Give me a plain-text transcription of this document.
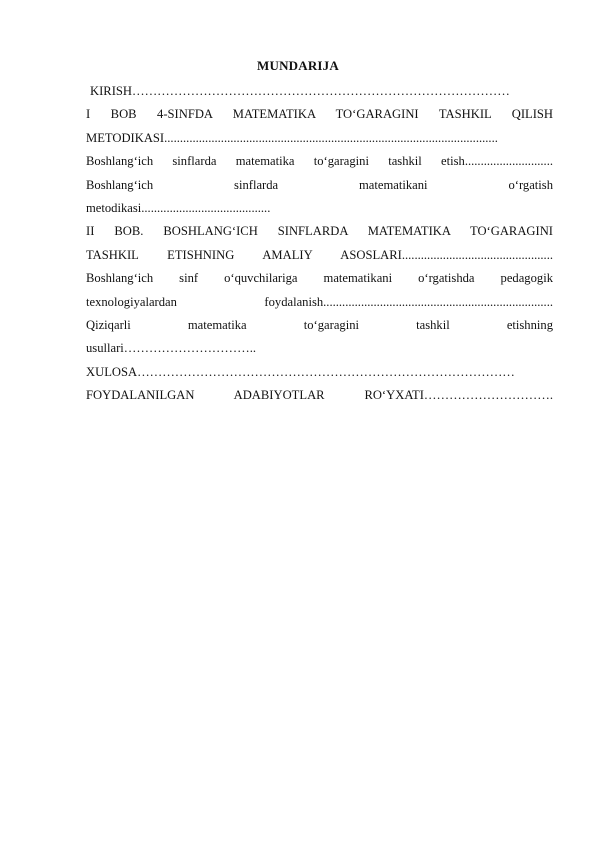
MUNDARIJA
KIRISH………………………………………………………………………………
I BOB 4-SINFDA MATEMATIKA TO‘GARAGINI TASHKIL QILISH
METODIKASI..........................................................................................................
Boshlang‘ich sinflarda matematika to‘garagini tashkil etish............................
Boshlang‘ich sinflarda matematikani o‘rgatish
metodikasi.........................................
II BOB. BOSHLANG‘ICH SINFLARDA MATEMATIKA TO‘GARAGINI
TASHKIL ETISHNING AMALIY ASOSLARI................................................
Boshlang‘ich sinf o‘quvchilariga matematikani o‘rgatishda pedagogik
texnologiyalardan foydalanish.........................................................................
Qiziqarli matematika to‘garagini tashkil etishning
usullari…………………………..
XULOSA………………………………………………………………………………
FOYDALANILGAN ADABIYOTLAR RO‘YXATI………………………….
